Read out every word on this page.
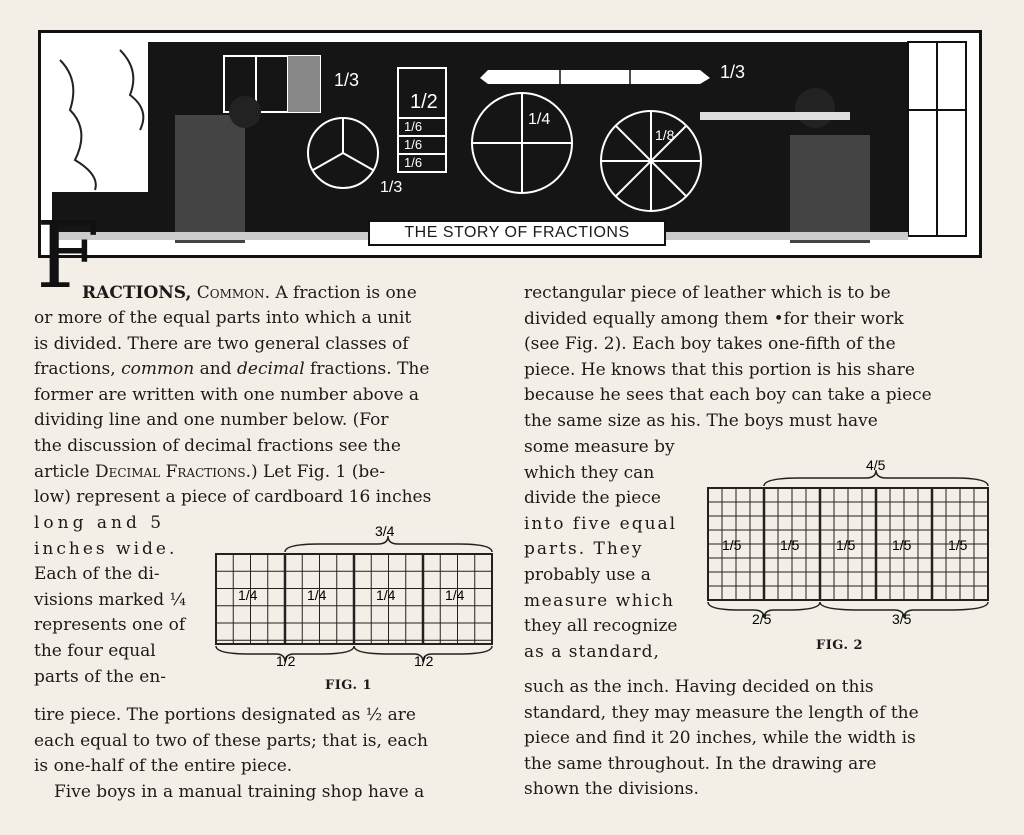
1/3
1/2
1/6
1/6
1/6
1/4
1/8
1/3
1/3
THE STORY OF FRACTIONS
F

RACTIONS, Common. A fraction is one

or more of the equal parts into which a unit

is divided. There are two general classes of

fractions, common and decimal fractions. The

former are written with one number above a

dividing line and one number below. (For

the discussion of decimal fractions see the

article Decimal Fractions.) Let Fig. 1 (be-

low) represent a piece of cardboard 16 inches

long and 5

inches wide.

Each of the di-

visions marked ¼

represents one of

the four equal

parts of the en-

tire piece. The portions designated as ½ are

each equal to two of these parts; that is, each

is one-half of the entire piece.

Five boys in a manual training shop have a

3/4
1/4	1/4	1/4	1/4
1/2	1/2
FIG. 1

rectangular piece of leather which is to be

divided equally among them •for their work

(see Fig. 2). Each boy takes one-fifth of the

piece. He knows that this portion is his share

because he sees that each boy can take a piece

the same size as his. The boys must have

some measure by

which they can

divide the piece

into five equal

parts. They

probably use a

measure which

they all recognize

as a standard,

such as the inch. Having decided on this

standard, they may measure the length of the

piece and find it 20 inches, while the width is

the same throughout. In the drawing are

shown the divisions.

4/5
1/5	1/5	1/5	1/5	1/5
2/5	3/5
FIG. 2
